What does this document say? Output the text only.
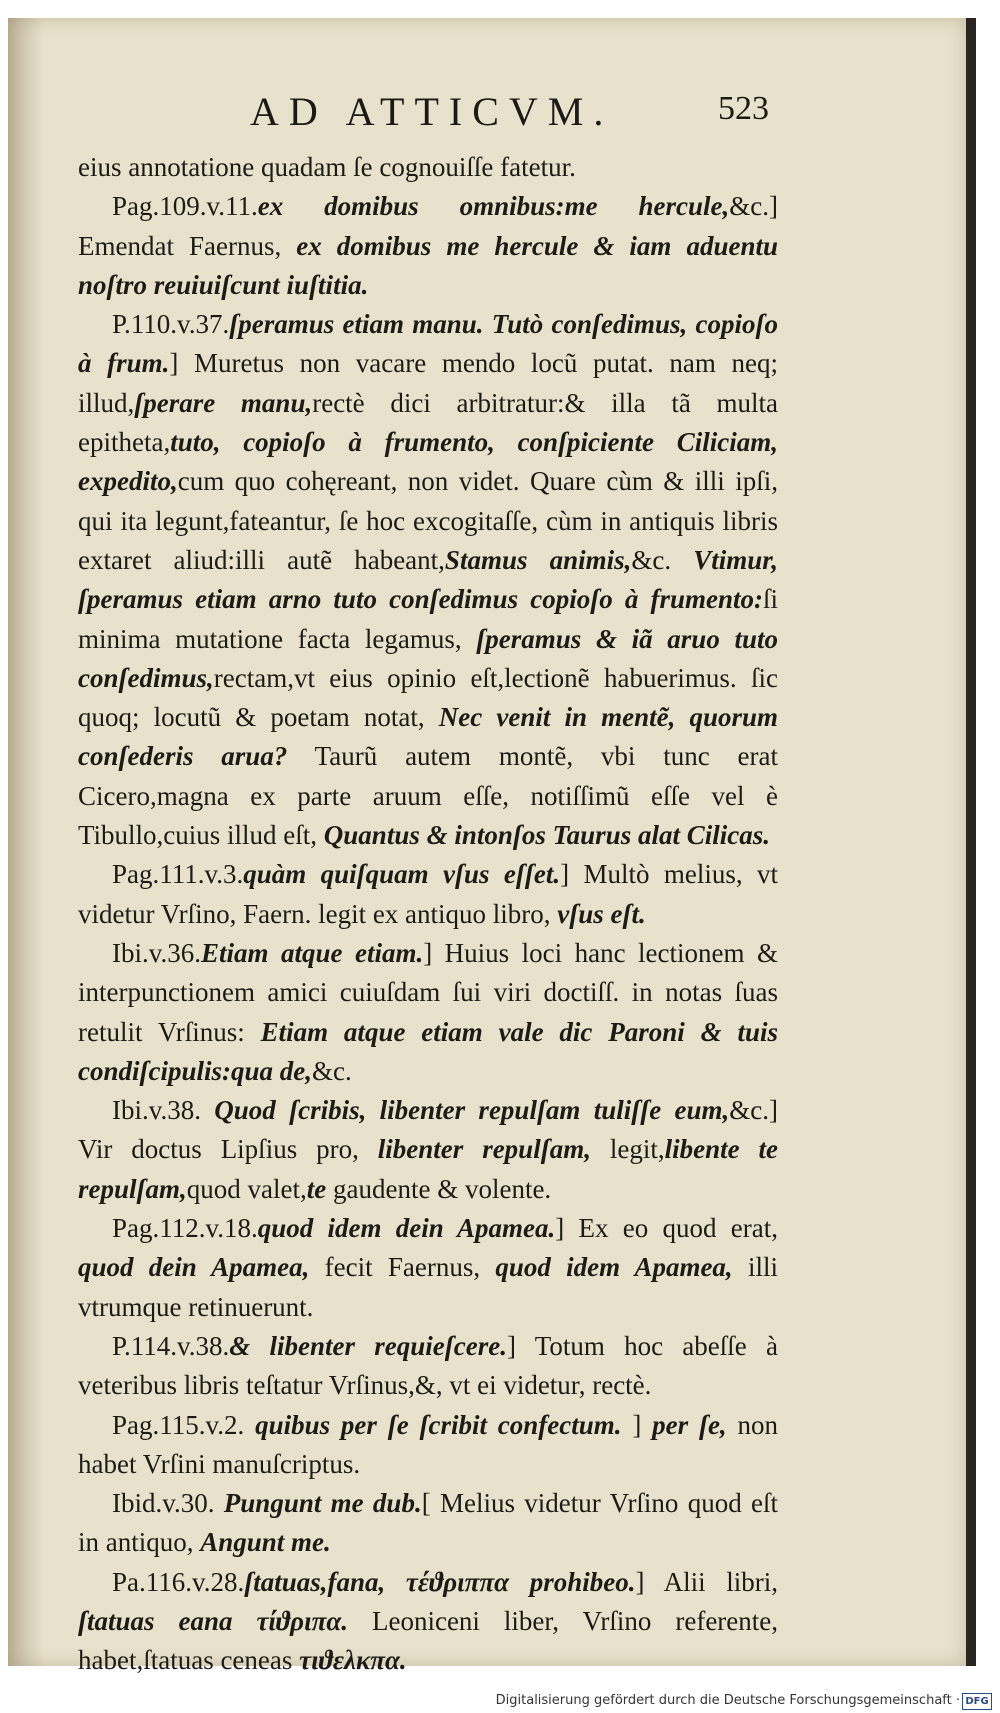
AD ATTICVM.	523

eius annotatione quadam ſe cognouiſſe fatetur.

Pag.109.v.11.ex domibus omnibus:me hercule,&c.] Emendat Faernus, ex domibus me hercule & iam aduentu noſtro reuiuiſcunt iuſtitia.

P.110.v.37.ſperamus etiam manu. Tutò conſedimus, copioſo à frum.] Muretus non vacare mendo locũ putat. nam neq; illud,ſperare manu,rectè dici arbitratur:& illa tã multa epitheta,tuto, copioſo à frumento, conſpiciente Ciliciam, expedito,cum quo cohęreant, non videt. Quare cùm & illi ipſi, qui ita legunt,fateantur, ſe hoc excogitaſſe, cùm in antiquis libris extaret aliud:illi autẽ habeant,Stamus animis,&c. Vtimur, ſperamus etiam arno tuto conſedimus copioſo à frumento:ſi minima mutatione facta legamus, ſperamus & iã aruo tuto conſedimus,rectam,vt eius opinio eſt,lectionẽ habuerimus. ſic quoq; locutũ & poetam notat, Nec venit in mentẽ, quorum conſederis arua? Taurũ autem montẽ, vbi tunc erat Cicero,magna ex parte aruum eſſe, notiſſimũ eſſe vel è Tibullo,cuius illud eſt, Quantus & intonſos Taurus alat Cilicas.

Pag.111.v.3.quàm quiſquam vſus eſſet.] Multò melius, vt videtur Vrſino, Faern. legit ex antiquo libro, vſus eſt.

Ibi.v.36.Etiam atque etiam.] Huius loci hanc lectionem & interpunctionem amici cuiuſdam ſui viri doctiſſ. in notas ſuas retulit Vrſinus: Etiam atque etiam vale dic Paroni & tuis condiſcipulis:qua de,&c.

Ibi.v.38. Quod ſcribis, libenter repulſam tuliſſe eum,&c.] Vir doctus Lipſius pro, libenter repulſam, legit,libente te repulſam,quod valet,te gaudente & volente.

Pag.112.v.18.quod idem dein Apamea.] Ex eo quod erat, quod dein Apamea, fecit Faernus, quod idem Apamea, illi vtrumque retinuerunt.

P.114.v.38.& libenter requieſcere.] Totum hoc abeſſe à veteribus libris teſtatur Vrſinus,&, vt ei videtur, rectè.

Pag.115.v.2. quibus per ſe ſcribit confectum. ] per ſe, non habet Vrſini manuſcriptus.

Ibid.v.30. Pungunt me dub.[ Melius videtur Vrſino quod eſt in antiquo, Angunt me.

Pa.116.v.28.ſtatuas,fana, τέϑριππα prohibeo.] Alii libri, ſtatuas eana τίϑριπα. Leoniceni liber, Vrſino referente, habet,ſtatuas ceneas τιϑελκπα.

Digitalisierung gefördert durch die Deutsche Forschungsgemeinschaft · DFG
